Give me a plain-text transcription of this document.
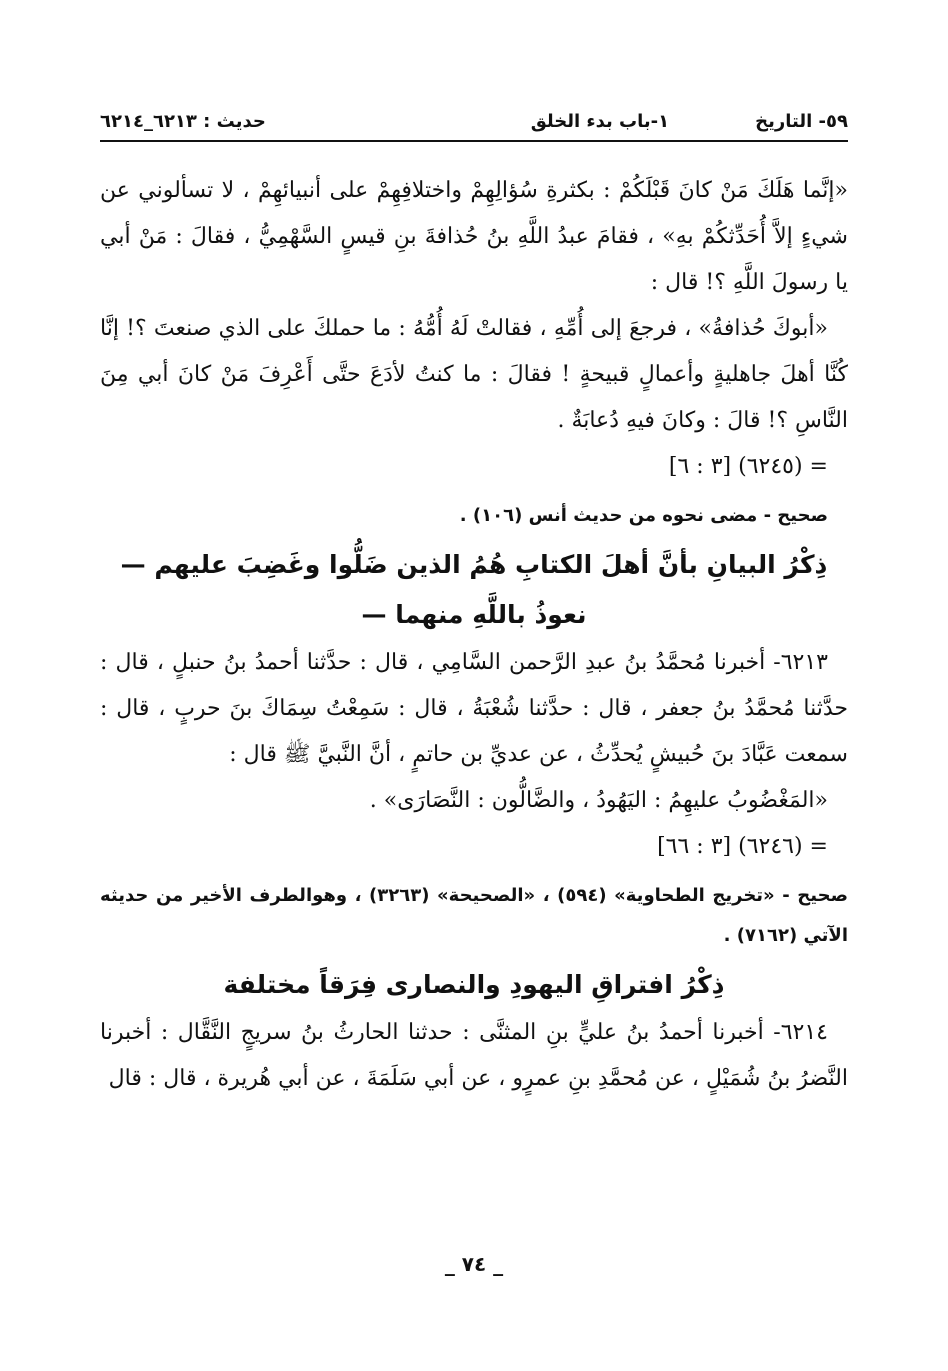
٥٩- التاريخ
١-باب بدء الخلق
حديث : ٦٢١٣_٦٢١٤

«إنَّما هَلَكَ مَنْ كانَ قَبْلَكُمْ : بكثرةِ سُؤالِهِمْ واختلافِهِمْ على أنبيائهِمْ ، لا تسألوني عن شيءٍ إلاَّ أُحَدِّثكُمْ بهِ» ، فقامَ عبدُ اللَّهِ بنُ حُذافةَ بنِ قيسٍ السَّهْمِيُّ ، فقالَ : مَنْ أبي يا رسولَ اللَّهِ ؟! قال :

«أبوكَ حُذافةُ» ، فرجعَ إلى أُمِّهِ ، فقالتْ لَهُ أُمُّهُ : ما حملكَ على الذي صنعتَ ؟! إنَّا كُنَّا أهلَ جاهليةٍ وأعمالٍ قبيحةٍ ! فقالَ : ما كنتُ لأدَعَ حتَّى أَعْرِفَ مَنْ كانَ أبي مِنَ النَّاسِ ؟! قالَ : وكانَ فيهِ دُعابَةٌ .

= (٦٢٤٥) [٣ : ٦]

صحيح - مضى نحوه من حديث أنس (١٠٦) .

ذِكْرُ البيانِ بأنَّ أهلَ الكتابِ هُمُ الذين ضَلُّوا وغَضِبَ عليهم — نعوذُ باللَّهِ منهما —

٦٢١٣- أخبرنا مُحمَّدُ بنُ عبدِ الرَّحمن السَّامِي ، قال : حدَّثنا أحمدُ بنُ حنبلٍ ، قال : حدَّثنا مُحمَّدُ بنُ جعفر ، قال : حدَّثنا شُعْبَةُ ، قال : سَمِعْتُ سِمَاكَ بنَ حربٍ ، قال : سمعت عَبَّادَ بنَ حُبيشٍ يُحدِّثُ ، عن عديِّ بن حاتمٍ ، أنَّ النَّبيَّ ﷺ قال :

«المَغْضُوبُ عليهِمُ : اليَهُودُ ، والضَّالُّون : النَّصَارَى» .

= (٦٢٤٦) [٣ : ٦٦]

صحيح - «تخريج الطحاوية» (٥٩٤) ، «الصحيحة» (٣٢٦٣) ، وهوالطرف الأخير من حديثه الآتي (٧١٦٢) .

ذِكْرُ افتراقِ اليهودِ والنصارى فِرَقاً مختلفة

٦٢١٤- أخبرنا أحمدُ بنُ عليٍّ بنِ المثنَّى : حدثنا الحارثُ بنُ سريجٍ النَّقَّال : أخبرنا النَّضرُ بنُ شُمَيْلٍ ، عن مُحمَّدِ بنِ عمرٍو ، عن أبي سَلَمَةَ ، عن أبي هُريرة ، قال : قال

_ ٧٤ _
